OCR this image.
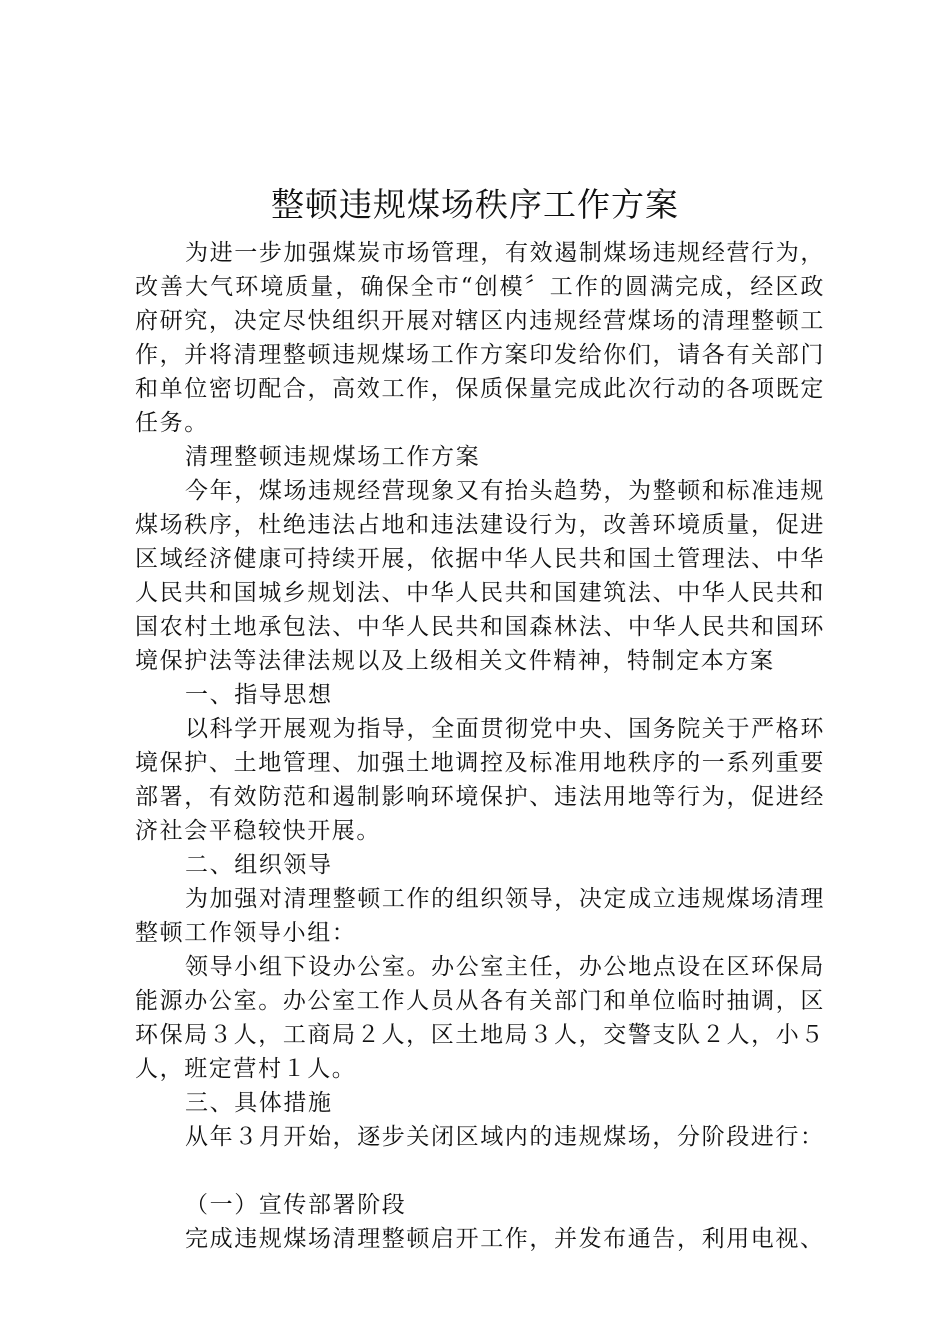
整顿违规煤场秩序工作方案

为进一步加强煤炭市场管理，有效遏制煤场违规经营行为，改善大气环境质量，确保全市“创模〞工作的圆满完成，经区政府研究，决定尽快组织开展对辖区内违规经营煤场的清理整顿工作，并将清理整顿违规煤场工作方案印发给你们，请各有关部门和单位密切配合，高效工作，保质保量完成此次行动的各项既定任务。

清理整顿违规煤场工作方案

今年，煤场违规经营现象又有抬头趋势，为整顿和标准违规煤场秩序，杜绝违法占地和违法建设行为，改善环境质量，促进区域经济健康可持续开展，依据中华人民共和国土管理法、中华人民共和国城乡规划法、中华人民共和国建筑法、中华人民共和国农村土地承包法、中华人民共和国森林法、中华人民共和国环境保护法等法律法规以及上级相关文件精神，特制定本方案

一、指导思想

以科学开展观为指导，全面贯彻党中央、国务院关于严格环境保护、土地管理、加强土地调控及标准用地秩序的一系列重要部署，有效防范和遏制影响环境保护、违法用地等行为，促进经济社会平稳较快开展。

二、组织领导

为加强对清理整顿工作的组织领导，决定成立违规煤场清理整顿工作领导小组：

领导小组下设办公室。办公室主任，办公地点设在区环保局能源办公室。办公室工作人员从各有关部门和单位临时抽调，区环保局３人，工商局２人，区土地局３人，交警支队２人，小５人，班定营村１人。

三、具体措施

从年３月开始，逐步关闭区域内的违规煤场，分阶段进行：

（一）宣传部署阶段

完成违规煤场清理整顿启开工作，并发布通告，利用电视、
